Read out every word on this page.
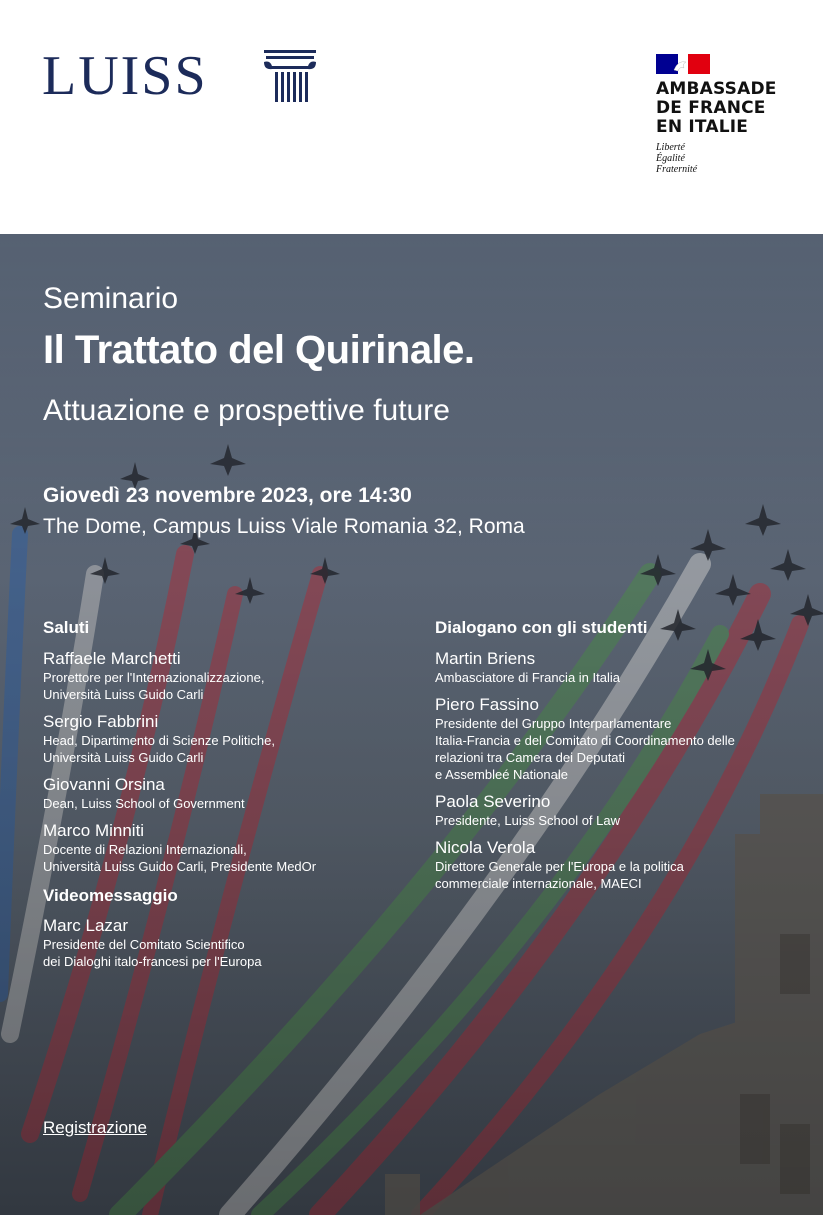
LUISS	AMBASSADE
DE FRANCE
EN ITALIE
Liberté
Égalité
Fraternité
Seminario
Il Trattato del Quirinale.
Attuazione e prospettive future
Giovedì 23 novembre 2023, ore 14:30
The Dome, Campus Luiss Viale Romania 32, Roma
Saluti
Raffaele Marchetti
Prorettore per l'Internazionalizzazione,
Università Luiss Guido Carli
Sergio Fabbrini
Head, Dipartimento di Scienze Politiche,
Università Luiss Guido Carli
Giovanni Orsina
Dean, Luiss School of Government
Marco Minniti
Docente di Relazioni Internazionali,
Università Luiss Guido Carli, Presidente MedOr
Videomessaggio
Marc Lazar
Presidente del Comitato Scientifico
dei Dialoghi italo-francesi per l'Europa
Dialogano con gli studenti
Martin Briens
Ambasciatore di Francia in Italia
Piero Fassino
Presidente del Gruppo Interparlamentare
Italia-Francia e del Comitato di Coordinamento delle
relazioni tra Camera dei Deputati
e Assembleé Nationale
Paola Severino
Presidente, Luiss School of Law
Nicola Verola
Direttore Generale per l'Europa e la politica
commerciale internazionale, MAECI
Registrazione
